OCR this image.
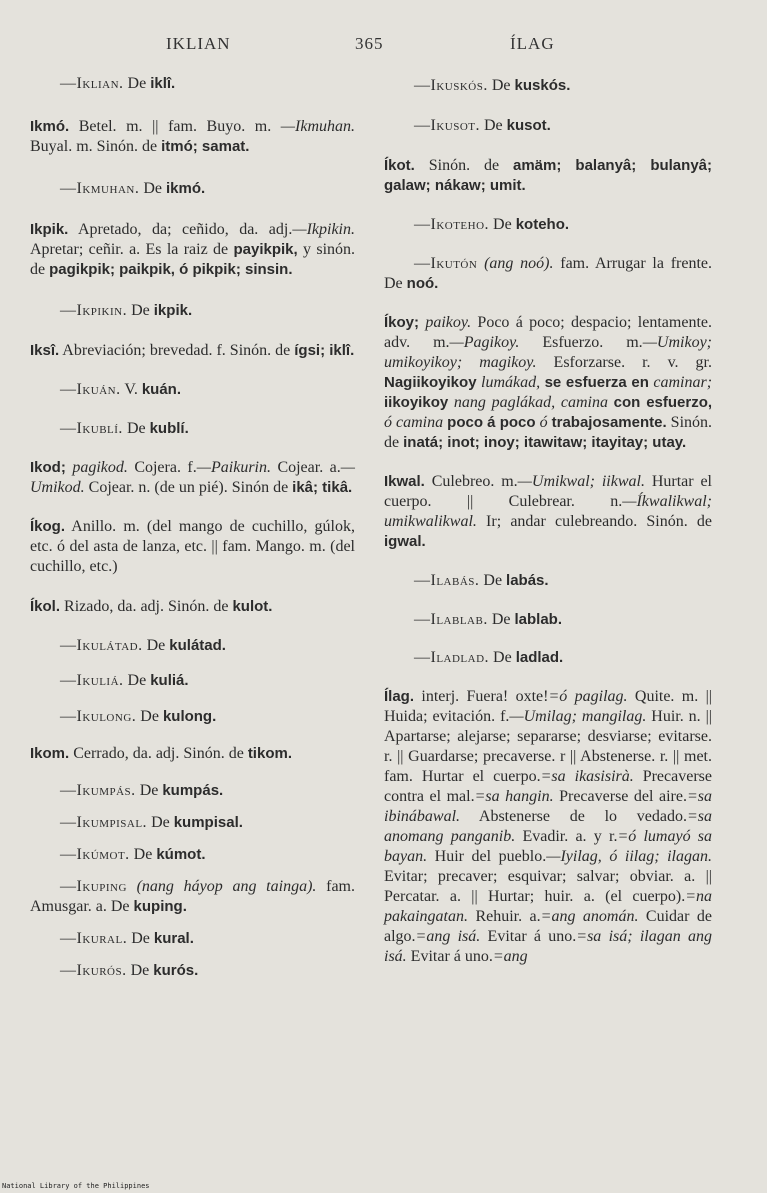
IKLIAN	365	ÍLAG

—Iklian. De iklî.

Ikmó. Betel. m. || fam. Buyo. m. —Ikmuhan. Buyal. m. Sinón. de itmó; samat.

—Ikmuhan. De ikmó.

Ikpik. Apretado, da; ceñido, da. adj.—Ikpikin. Apretar; ceñir. a. Es la raiz de payikpik, y sinón. de pagikpik; paikpik, ó pikpik; sinsin.

—Ikpikin. De ikpik.

Iksî. Abreviación; brevedad. f. Sinón. de ígsi; iklî.

—Ikuán. V. kuán.

—Ikublí. De kublí.

Ikod; pagikod. Cojera. f.—Paikurin. Cojear. a.—Umikod. Cojear. n. (de un pié). Sinón de ikâ; tikâ.

Íkog. Anillo. m. (del mango de cuchillo, gúlok, etc. ó del asta de lanza, etc. || fam. Mango. m. (del cuchillo, etc.)

Íkol. Rizado, da. adj. Sinón. de kulot.

—Ikulátad. De kulátad.

—Ikuliá. De kuliá.

—Ikulong. De kulong.

Ikom. Cerrado, da. adj. Sinón. de tikom.

—Ikumpás. De kumpás.

—Ikumpisal. De kumpisal.

—Ikúmot. De kúmot.

—Ikuping (nang háyop ang tainga). fam. Amusgar. a. De kuping.

—Ikural. De kural.

—Ikurós. De kurós.

—Ikuskós. De kuskós.

—Ikusot. De kusot.

Íkot. Sinón. de amäm; balanyâ; bulanyâ; galaw; nákaw; umit.

—Ikoteho. De koteho.

—Ikutón (ang noó). fam. Arrugar la frente. De noó.

Íkoy; paikoy. Poco á poco; despacio; lentamente. adv. m.—Pagikoy. Esfuerzo. m.—Umikoy; umikoyikoy; magikoy. Esforzarse. r. v. gr. Nagiikoyikoy lumákad, se esfuerza en caminar; iikoyikoy nang paglákad, camina con esfuerzo, ó camina poco á poco ó trabajosamente. Sinón. de inatá; inot; inoy; itawitaw; itayitay; utay.

Ikwal. Culebreo. m.—Umikwal; iikwal. Hurtar el cuerpo. || Culebrear. n.—Íkwalikwal; umikwalikwal. Ir; andar culebreando. Sinón. de igwal.

—Ilabás. De labás.

—Ilablab. De lablab.

—Iladlad. De ladlad.

Ílag. interj. Fuera! oxte!=ó pagilag. Quite. m. || Huida; evitación. f.—Umilag; mangilag. Huir. n. || Apartarse; alejarse; separarse; desviarse; evitarse. r. || Guardarse; precaverse. r || Abstenerse. r. || met. fam. Hurtar el cuerpo.=sa ikasisirà. Precaverse contra el mal.=sa hangin. Precaverse del aire.=sa ibinábawal. Abstenerse de lo vedado.=sa anomang panganib. Evadir. a. y r.=ó lumayó sa bayan. Huir del pueblo.—Iyilag, ó iilag; ilagan. Evitar; precaver; esquivar; salvar; obviar. a. || Percatar. a. || Hurtar; huir. a. (el cuerpo).=na pakaingatan. Rehuir. a.=ang anomán. Cuidar de algo.=ang isá. Evitar á uno.=sa isá; ilagan ang isá. Evitar á uno.=ang

National Library of the Philippines
